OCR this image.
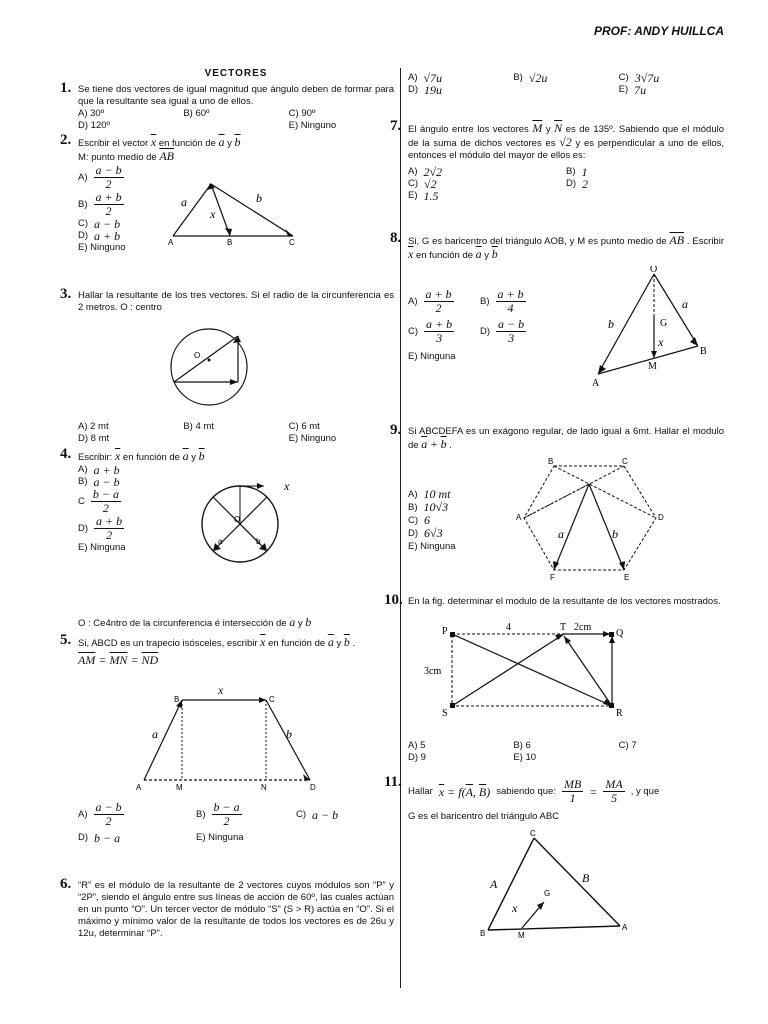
PROF: ANDY HUILLCA
VECTORES
1. Se tiene dos vectores de igual magnitud que ángulo deben de formar para que la resultante sea igual a uno de ellos.
A) 30º	B) 60º	C) 90º
D) 120º	E) Ninguno
2. Escribir el vector $\overline{x}$ en función de $\overline{a}$ y $\overline{b}$
M: punto medio de $\overline{AB}$
$A) \frac{a - b}{2}$
$B) \frac{a + b}{2}$
C) a − b
D) a + b
E) Ninguno
a	b
x
A	B	C
3. Hallar la resultante de los tres vectores. Si el radio de la circunferencia es 2 metros. O : centro
O
A) 2 mt	B) 4 mt	C) 6 mt
D) 8 mt	E) Ninguno
4. Escribir: $\overline{x}$ en función de $\overline{a}$ y $\overline{b}$
A) a + b
B) a − b
C $\frac{b - a}{2}$
$D) \frac{a + b}{2}$
E) Ninguna
x
O
a	b
O : Ce4ntro de la circunferencia é intersección de a y b
5. Si, ABCD es un trapecio isósceles, escribir $\overline{x}$ en función de $\overline{a}$ y $\overline{b}$ .
$\overline{AM} = \overline{MN} = \overline{ND}$
x
a	b
B	C
A	M	N	D
$A) \frac{a - b}{2}$	$B) \frac{b - a}{2}$	C) a − b
D) b − a	E) Ninguna
6. “R” es el módulo de la resultante de 2 vectores cuyos módulos son “P” y “2P”, siendo el ángulo entre sus líneas de acción de 60º, las cuales actúan en un punto “O”. Un tercer vector de módulo “S” (S > R) actúa en “O”. Si el máximo y mínimo valor de la resultante de todos los vectores es de 26u y 12u, determinar “P”.
A) √7u	B) √2u	C) 3√7u
D) 19u	E) 7u
7. El ángulo entre los vectores $\overline{M}$ y $\overline{N}$ es de 135º. Sabiendo que el módulo de la suma de dichos vectores es √2 y es perpendicular a uno de ellos, entonces el módulo del mayor de ellos es:
A) 2√2	B) 1
C) √2	D) 2
E) 1.5
8. Si, G es baricentro del triángulo AOB, y M es punto medio de $\overline{AB}$ . Escribir $\overline{x}$ en función de $\overline{a}$ y $\overline{b}$
$A) \frac{a + b}{2}$	$B) \frac{a + b}{4}$
$C) \frac{a + b}{3}$	$D) \frac{a - b}{3}$
E) Ninguna
O
G
M
A
B
a
b
x
9. Si ABCDEFA es un exágono regular, de lado igual a 6mt. Hallar el modulo de $\overline{a} + \overline{b}$ .
A) 10 mt
B) 10√3
C) 6
D) 6√3
E) Ninguna
B	C
A	D
F	E
a	b
10. En la fig. determinar el modulo de la resultante de los vectores mostrados.
P	T
Q
S	R
4	2cm
3cm
A) 5	B) 6	C) 7
D) 9	E) 10
11.
Hallar $\overline{x} = f(\overline{A}$, $\overline{B}$) sabiendo que: $\frac{MB}{1} = \frac{MA}{5}$ , y que
G es el baricentro del triángulo ABC
C
A
B	M
G
A	B
x
